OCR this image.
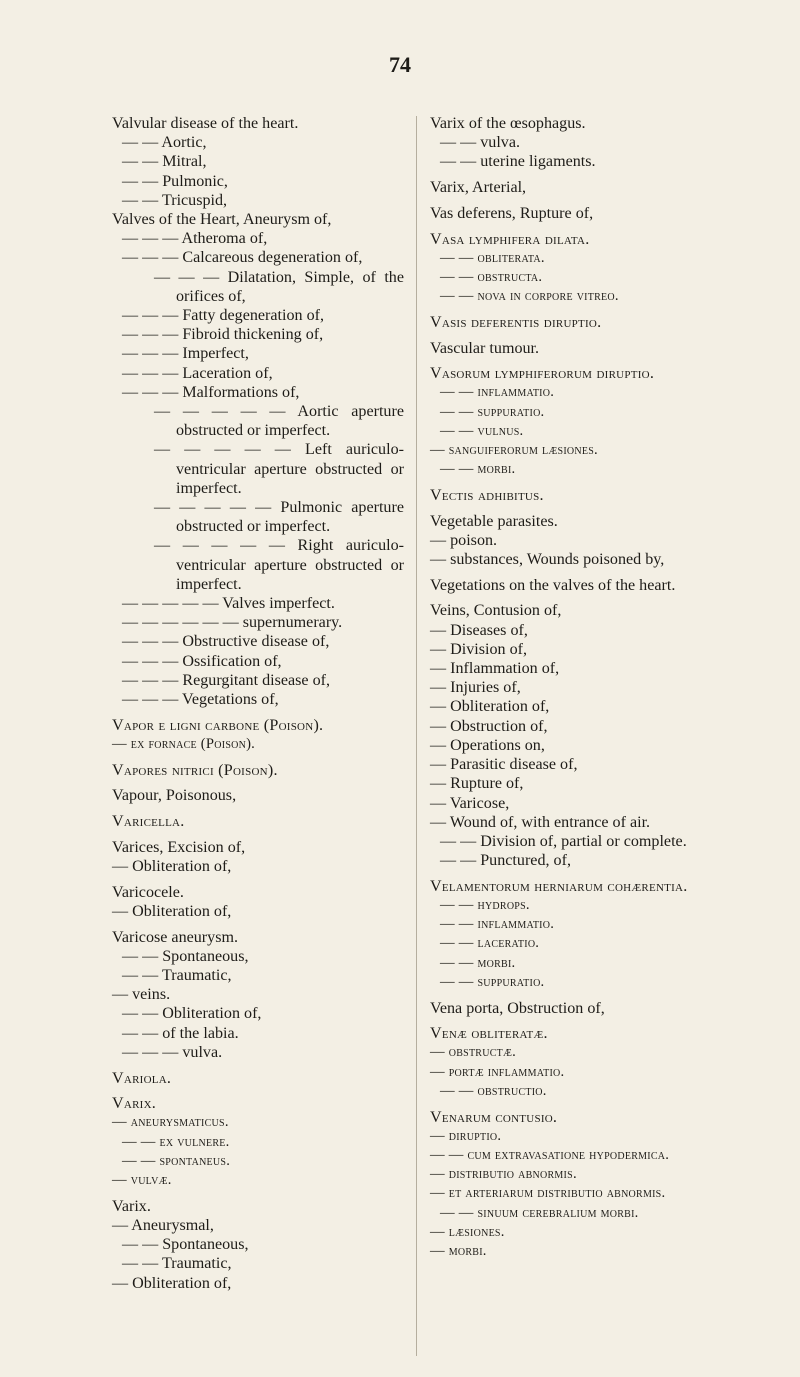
74

Valvular disease of the heart.

— — Aortic,

— — Mitral,

— — Pulmonic,

— — Tricuspid,

Valves of the Heart, Aneurysm of,

— — — Atheroma of,

— — — Calcareous degeneration of,

— — — Dilatation, Simple, of the orifices of,

— — — Fatty degeneration of,

— — — Fibroid thickening of,

— — — Imperfect,

— — — Laceration of,

— — — Malformations of,

— — — — — Aortic aperture obstructed or imperfect.

— — — — — Left auriculo-ventricular aperture obstructed or imperfect.

— — — — — Pulmonic aperture obstructed or imperfect.

— — — — — Right auriculo-ventricular aperture obstructed or imperfect.

— — — — — Valves imperfect.

— — — — — — supernumerary.

— — — Obstructive disease of,

— — — Ossification of,

— — — Regurgitant disease of,

— — — Vegetations of,

Vapor e ligni carbone (Poison).

— ex fornace (Poison).

Vapores nitrici (Poison).

Vapour, Poisonous,

Varicella.

Varices, Excision of,

— Obliteration of,

Varicocele.

— Obliteration of,

Varicose aneurysm.

— — Spontaneous,

— — Traumatic,

— veins.

— — Obliteration of,

— — of the labia.

— — — vulva.

Variola.

Varix.

— aneurysmaticus.

— — ex vulnere.

— — spontaneus.

— vulvæ.

Varix.

— Aneurysmal,

— — Spontaneous,

— — Traumatic,

— Obliteration of,

Varix of the œsophagus.

— — vulva.

— — uterine ligaments.

Varix, Arterial,

Vas deferens, Rupture of,

Vasa lymphifera dilata.

— — obliterata.

— — obstructa.

— — nova in corpore vitreo.

Vasis deferentis diruptio.

Vascular tumour.

Vasorum lymphiferorum diruptio.

— — inflammatio.

— — suppuratio.

— — vulnus.

— sanguiferorum læsiones.

— — morbi.

Vectis adhibitus.

Vegetable parasites.

— poison.

— substances, Wounds poisoned by,

Vegetations on the valves of the heart.

Veins, Contusion of,

— Diseases of,

— Division of,

— Inflammation of,

— Injuries of,

— Obliteration of,

— Obstruction of,

— Operations on,

— Parasitic disease of,

— Rupture of,

— Varicose,

— Wound of, with entrance of air.

— — Division of, partial or complete.

— — Punctured, of,

Velamentorum herniarum cohærentia.

— — hydrops.

— — inflammatio.

— — laceratio.

— — morbi.

— — suppuratio.

Vena porta, Obstruction of,

Venæ obliteratæ.

— obstructæ.

— portæ inflammatio.

— — obstructio.

Venarum contusio.

— diruptio.

— — cum extravasatione hypodermica.

— distributio abnormis.

— et arteriarum distributio abnormis.

— — sinuum cerebralium morbi.

— læsiones.

— morbi.
